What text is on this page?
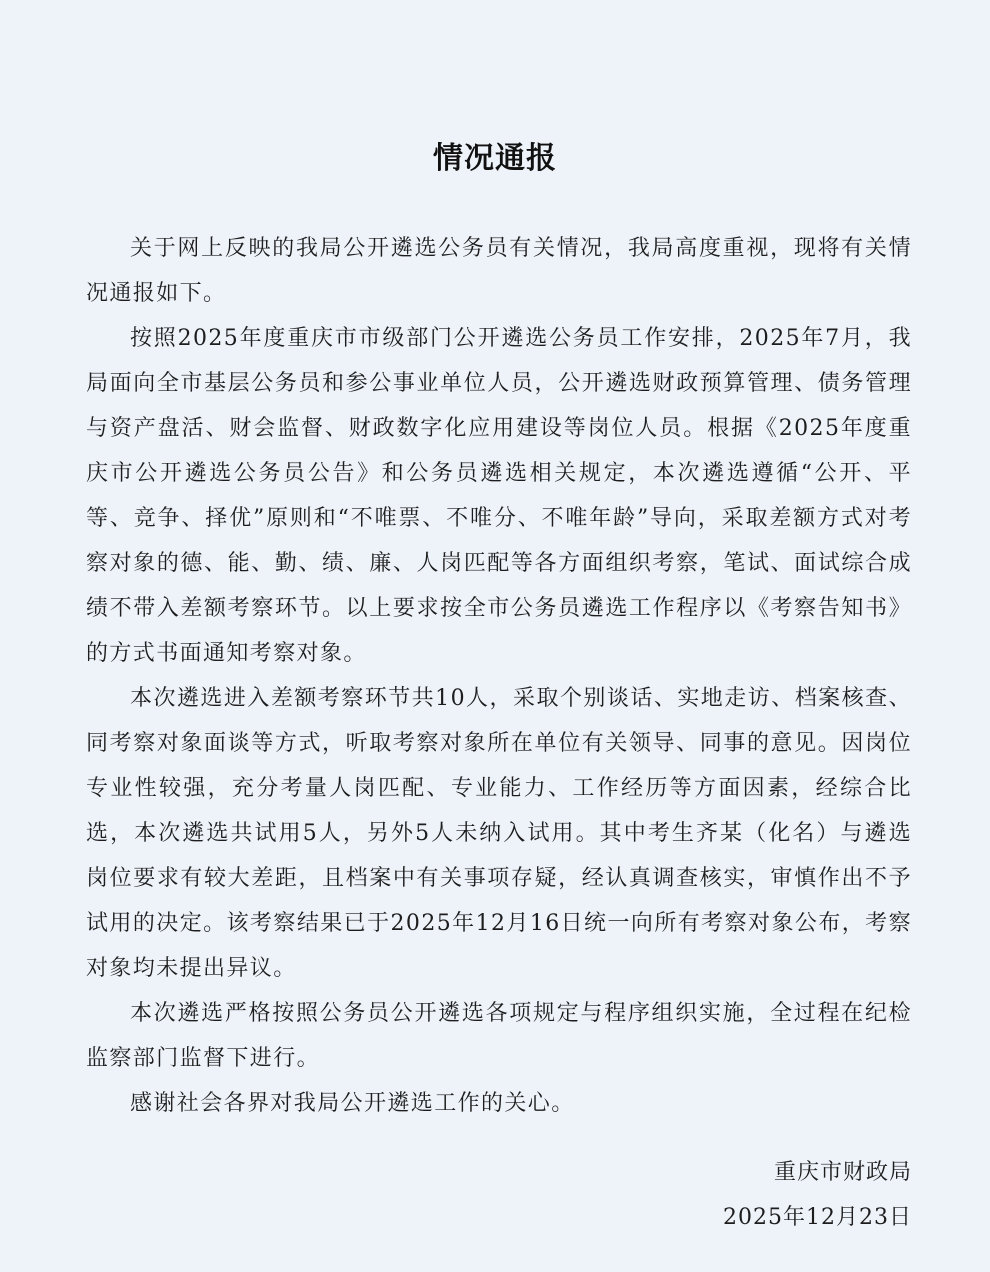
情况通报

关于网上反映的我局公开遴选公务员有关情况，我局高度重视，现将有关情况通报如下。

按照2025年度重庆市市级部门公开遴选公务员工作安排，2025年7月，我局面向全市基层公务员和参公事业单位人员，公开遴选财政预算管理、债务管理与资产盘活、财会监督、财政数字化应用建设等岗位人员。根据《2025年度重庆市公开遴选公务员公告》和公务员遴选相关规定，本次遴选遵循“公开、平等、竞争、择优”原则和“不唯票、不唯分、不唯年龄”导向，采取差额方式对考察对象的德、能、勤、绩、廉、人岗匹配等各方面组织考察，笔试、面试综合成绩不带入差额考察环节。以上要求按全市公务员遴选工作程序以《考察告知书》的方式书面通知考察对象。

本次遴选进入差额考察环节共10人，采取个别谈话、实地走访、档案核查、同考察对象面谈等方式，听取考察对象所在单位有关领导、同事的意见。因岗位专业性较强，充分考量人岗匹配、专业能力、工作经历等方面因素，经综合比选，本次遴选共试用5人，另外5人未纳入试用。其中考生齐某（化名）与遴选岗位要求有较大差距，且档案中有关事项存疑，经认真调查核实，审慎作出不予试用的决定。该考察结果已于2025年12月16日统一向所有考察对象公布，考察对象均未提出异议。

本次遴选严格按照公务员公开遴选各项规定与程序组织实施，全过程在纪检监察部门监督下进行。

感谢社会各界对我局公开遴选工作的关心。

重庆市财政局
2025年12月23日
